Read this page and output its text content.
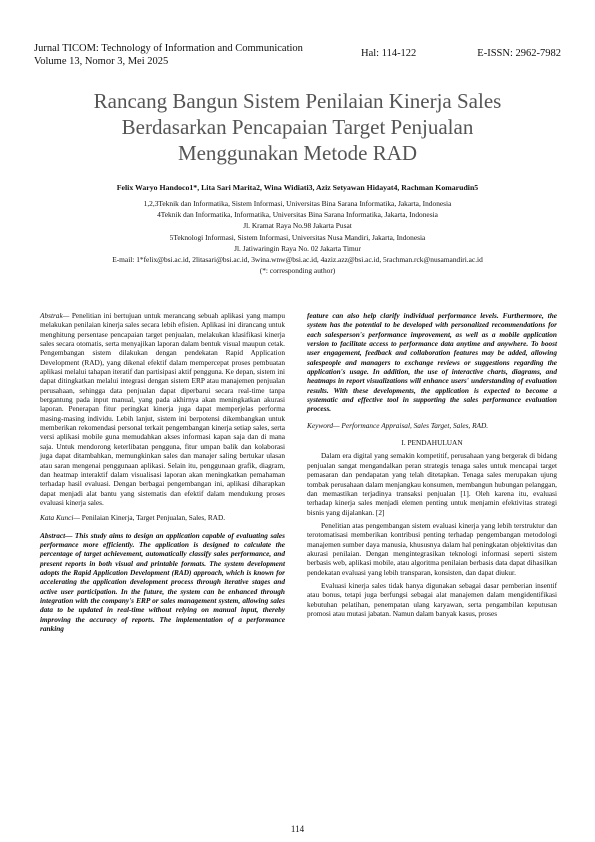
Jurnal TICOM: Technology of Information and Communication
Volume 13, Nomor 3, Mei 2025
Hal: 114-122	E-ISSN: 2962-7982
Rancang Bangun Sistem Penilaian Kinerja Sales
Berdasarkan Pencapaian Target Penjualan
Menggunakan Metode RAD
Felix Waryo Handoco1*, Lita Sari Marita2, Wina Widiati3, Aziz Setyawan Hidayat4, Rachman Komarudin5
1,2,3Teknik dan Informatika, Sistem Informasi, Universitas Bina Sarana Informatika, Jakarta, Indonesia
4Teknik dan Informatika, Informatika, Universitas Bina Sarana Informatika, Jakarta, Indonesia
Jl. Kramat Raya No.98 Jakarta Pusat
5Teknologi Informasi, Sistem Informasi, Universitas Nusa Mandiri, Jakarta, Indonesia
Jl. Jatiwaringin Raya No. 02 Jakarta Timur
E-mail: 1*felix@bsi.ac.id, 2litasari@bsi.ac.id, 3wina.wnw@bsi.ac.id, 4aziz.azz@bsi.ac.id, 5rachman.rck@nusamandiri.ac.id
(*: corresponding author)

Abstrak— Penelitian ini bertujuan untuk merancang sebuah aplikasi yang mampu melakukan penilaian kinerja sales secara lebih efisien. Aplikasi ini dirancang untuk menghitung persentase pencapaian target penjualan, melakukan klasifikasi kinerja sales secara otomatis, serta menyajikan laporan dalam bentuk visual maupun cetak. Pengembangan sistem dilakukan dengan pendekatan Rapid Application Development (RAD), yang dikenal efektif dalam mempercepat proses pembuatan aplikasi melalui tahapan iteratif dan partisipasi aktif pengguna. Ke depan, sistem ini dapat ditingkatkan melalui integrasi dengan sistem ERP atau manajemen penjualan perusahaan, sehingga data penjualan dapat diperbarui secara real-time tanpa bergantung pada input manual, yang pada akhirnya akan meningkatkan akurasi laporan. Penerapan fitur peringkat kinerja juga dapat memperjelas performa masing-masing individu. Lebih lanjut, sistem ini berpotensi dikembangkan untuk memberikan rekomendasi personal terkait pengembangan kinerja setiap sales, serta versi aplikasi mobile guna memudahkan akses informasi kapan saja dan di mana saja. Untuk mendorong keterlibatan pengguna, fitur umpan balik dan kolaborasi juga dapat ditambahkan, memungkinkan sales dan manajer saling bertukar ulasan atau saran mengenai penggunaan aplikasi. Selain itu, penggunaan grafik, diagram, dan heatmap interaktif dalam visualisasi laporan akan meningkatkan pemahaman terhadap hasil evaluasi. Dengan berbagai pengembangan ini, aplikasi diharapkan dapat menjadi alat bantu yang sistematis dan efektif dalam mendukung proses evaluasi kinerja sales.

Kata Kunci— Penilaian Kinerja, Target Penjualan, Sales, RAD.

Abstract— This study aims to design an application capable of evaluating sales performance more efficiently. The application is designed to calculate the percentage of target achievement, automatically classify sales performance, and present reports in both visual and printable formats. The system development adopts the Rapid Application Development (RAD) approach, which is known for accelerating the application development process through iterative stages and active user participation. In the future, the system can be enhanced through integration with the company's ERP or sales management system, allowing sales data to be updated in real-time without relying on manual input, thereby improving the accuracy of reports. The implementation of a performance ranking

feature can also help clarify individual performance levels. Furthermore, the system has the potential to be developed with personalized recommendations for each salesperson's performance improvement, as well as a mobile application version to facilitate access to performance data anytime and anywhere. To boost user engagement, feedback and collaboration features may be added, allowing salespeople and managers to exchange reviews or suggestions regarding the application's usage. In addition, the use of interactive charts, diagrams, and heatmaps in report visualizations will enhance users' understanding of evaluation results. With these developments, the application is expected to become a systematic and effective tool in supporting the sales performance evaluation process.

Keyword— Performance Appraisal, Sales Target, Sales, RAD.

I. PENDAHULUAN

Dalam era digital yang semakin kompetitif, perusahaan yang bergerak di bidang penjualan sangat mengandalkan peran strategis tenaga sales untuk mencapai target pemasaran dan pendapatan yang telah ditetapkan. Tenaga sales merupakan ujung tombak perusahaan dalam menjangkau konsumen, membangun hubungan pelanggan, dan memastikan terjadinya transaksi penjualan [1]. Oleh karena itu, evaluasi terhadap kinerja sales menjadi elemen penting untuk menjamin efektivitas strategi bisnis yang dijalankan. [2]

Penelitian atas pengembangan sistem evaluasi kinerja yang lebih terstruktur dan terotomatisasi memberikan kontribusi penting terhadap pengembangan metodologi manajemen sumber daya manusia, khususnya dalam hal peningkatan objektivitas dan akurasi penilaian. Dengan mengintegrasikan teknologi informasi seperti sistem berbasis web, aplikasi mobile, atau algoritma penilaian berbasis data dapat dihasilkan pendekatan evaluasi yang lebih transparan, konsisten, dan dapat diukur.

Evaluasi kinerja sales tidak hanya digunakan sebagai dasar pemberian insentif atau bonus, tetapi juga berfungsi sebagai alat manajemen dalam mengidentifikasi kebutuhan pelatihan, penempatan ulang karyawan, serta pengambilan keputusan promosi atau mutasi jabatan. Namun dalam banyak kasus, proses

114
